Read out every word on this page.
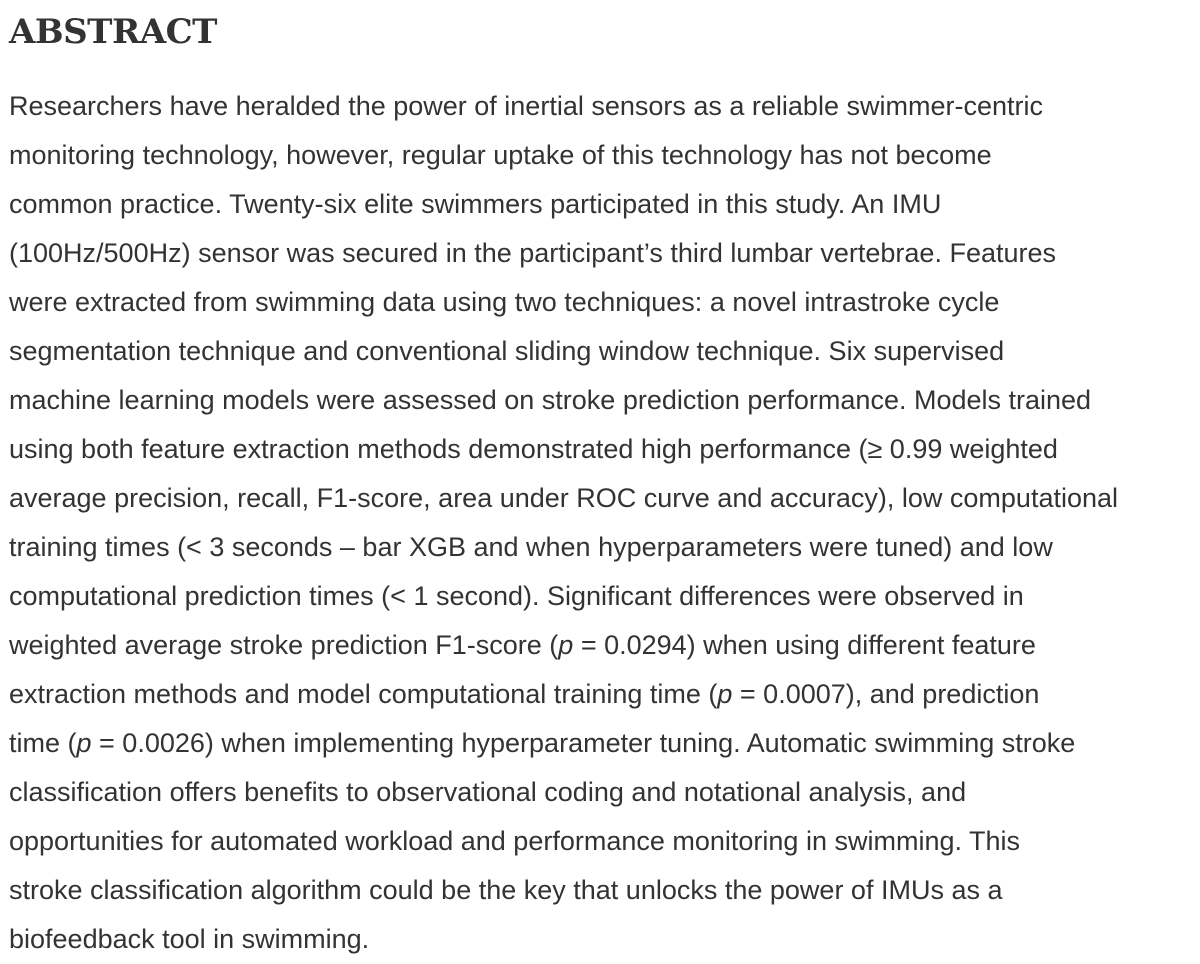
ABSTRACT

Researchers have heralded the power of inertial sensors as a reliable swimmer-centric
monitoring technology, however, regular uptake of this technology has not become
common practice. Twenty-six elite swimmers participated in this study. An IMU
(100Hz/500Hz) sensor was secured in the participant’s third lumbar vertebrae. Features
were extracted from swimming data using two techniques: a novel intrastroke cycle
segmentation technique and conventional sliding window technique. Six supervised
machine learning models were assessed on stroke prediction performance. Models trained
using both feature extraction methods demonstrated high performance (≥ 0.99 weighted
average precision, recall, F1-score, area under ROC curve and accuracy), low computational
training times (< 3 seconds – bar XGB and when hyperparameters were tuned) and low
computational prediction times (< 1 second). Significant differences were observed in
weighted average stroke prediction F1-score (p = 0.0294) when using different feature
extraction methods and model computational training time (p = 0.0007), and prediction
time (p = 0.0026) when implementing hyperparameter tuning. Automatic swimming stroke
classification offers benefits to observational coding and notational analysis, and
opportunities for automated workload and performance monitoring in swimming. This
stroke classification algorithm could be the key that unlocks the power of IMUs as a
biofeedback tool in swimming.
